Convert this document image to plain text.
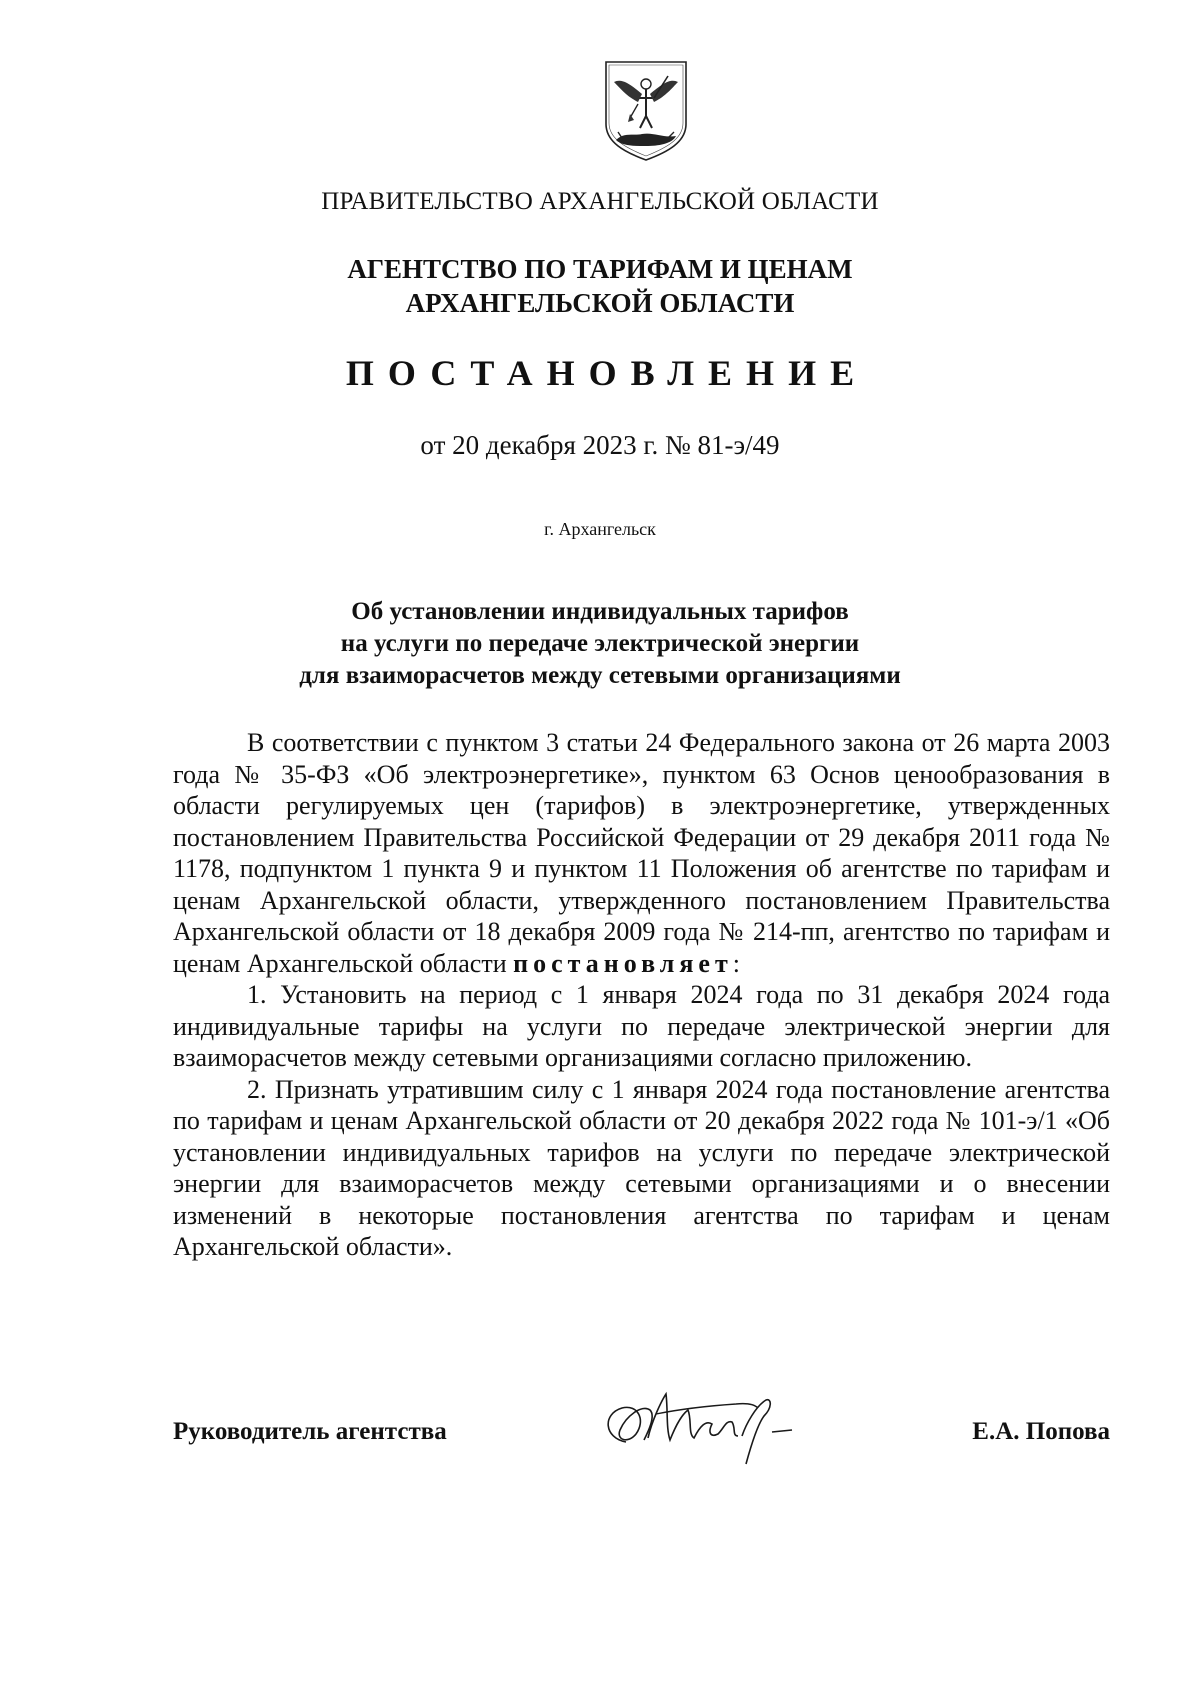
ПРАВИТЕЛЬСТВО АРХАНГЕЛЬСКОЙ ОБЛАСТИ
АГЕНТСТВО ПО ТАРИФАМ И ЦЕНАМ
АРХАНГЕЛЬСКОЙ ОБЛАСТИ
ПОСТАНОВЛЕНИЕ
от 20 декабря 2023 г. № 81-э/49
г. Архангельск
Об установлении индивидуальных тарифов
на услуги по передаче электрической энергии
для взаиморасчетов между сетевыми организациями

В соответствии с пунктом 3 статьи 24 Федерального закона от 26 марта 2003 года № 35-ФЗ «Об электроэнергетике», пунктом 63 Основ ценообразования в области регулируемых цен (тарифов) в электроэнергетике, утвержденных постановлением Правительства Российской Федерации от 29 декабря 2011 года № 1178, подпунктом 1 пункта 9 и пунктом 11 Положения об агентстве по тарифам и ценам Архангельской области, утвержденного постановлением Правительства Архангельской области от 18 декабря 2009 года № 214-пп, агентство по тарифам и ценам Архангельской области постановляет:

1. Установить на период с 1 января 2024 года по 31 декабря 2024 года индивидуальные тарифы на услуги по передаче электрической энергии для взаиморасчетов между сетевыми организациями согласно приложению.

2. Признать утратившим силу с 1 января 2024 года постановление агентства по тарифам и ценам Архангельской области от 20 декабря 2022 года № 101-э/1 «Об установлении индивидуальных тарифов на услуги по передаче электрической энергии для взаиморасчетов между сетевыми организациями и о внесении изменений в некоторые постановления агентства по тарифам и ценам Архангельской области».

Руководитель агентства	Е.А. Попова
